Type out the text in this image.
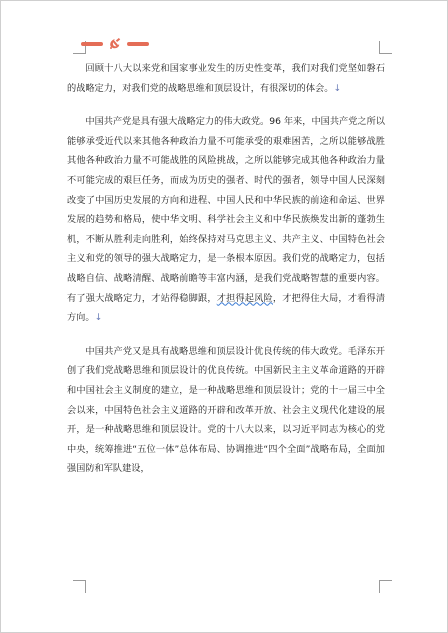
回顾十八大以来党和国家事业发生的历史性变革，我们对我们党坚如磐石的战略定力，对我们党的战略思维和顶层设计，有很深切的体会。↓

中国共产党是具有强大战略定力的伟大政党。96 年来，中国共产党之所以能够承受近代以来其他各种政治力量不可能承受的艰难困苦，之所以能够战胜其他各种政治力量不可能战胜的风险挑战，之所以能够完成其他各种政治力量不可能完成的艰巨任务，而成为历史的强者、时代的强者，领导中国人民深刻改变了中国历史发展的方向和进程、中国人民和中华民族的前途和命运、世界发展的趋势和格局，使中华文明、科学社会主义和中华民族焕发出新的蓬勃生机，不断从胜利走向胜利，始终保持对马克思主义、共产主义、中国特色社会主义和党的领导的强大战略定力，是一条根本原因。我们党的战略定力，包括战略自信、战略清醒、战略前瞻等丰富内涵，是我们党战略智慧的重要内容。有了强大战略定力，才站得稳脚跟，才担得起风险，才把得住大局，才看得清方向。↓

中国共产党又是具有战略思维和顶层设计优良传统的伟大政党。毛泽东开创了我们党战略思维和顶层设计的优良传统。中国新民主主义革命道路的开辟和中国社会主义制度的建立，是一种战略思维和顶层设计；党的十一届三中全会以来，中国特色社会主义道路的开辟和改革开放、社会主义现代化建设的展开，是一种战略思维和顶层设计。党的十八大以来，以习近平同志为核心的党中央，统筹推进“五位一体”总体布局、协调推进“四个全面”战略布局，全面加强国防和军队建设，
